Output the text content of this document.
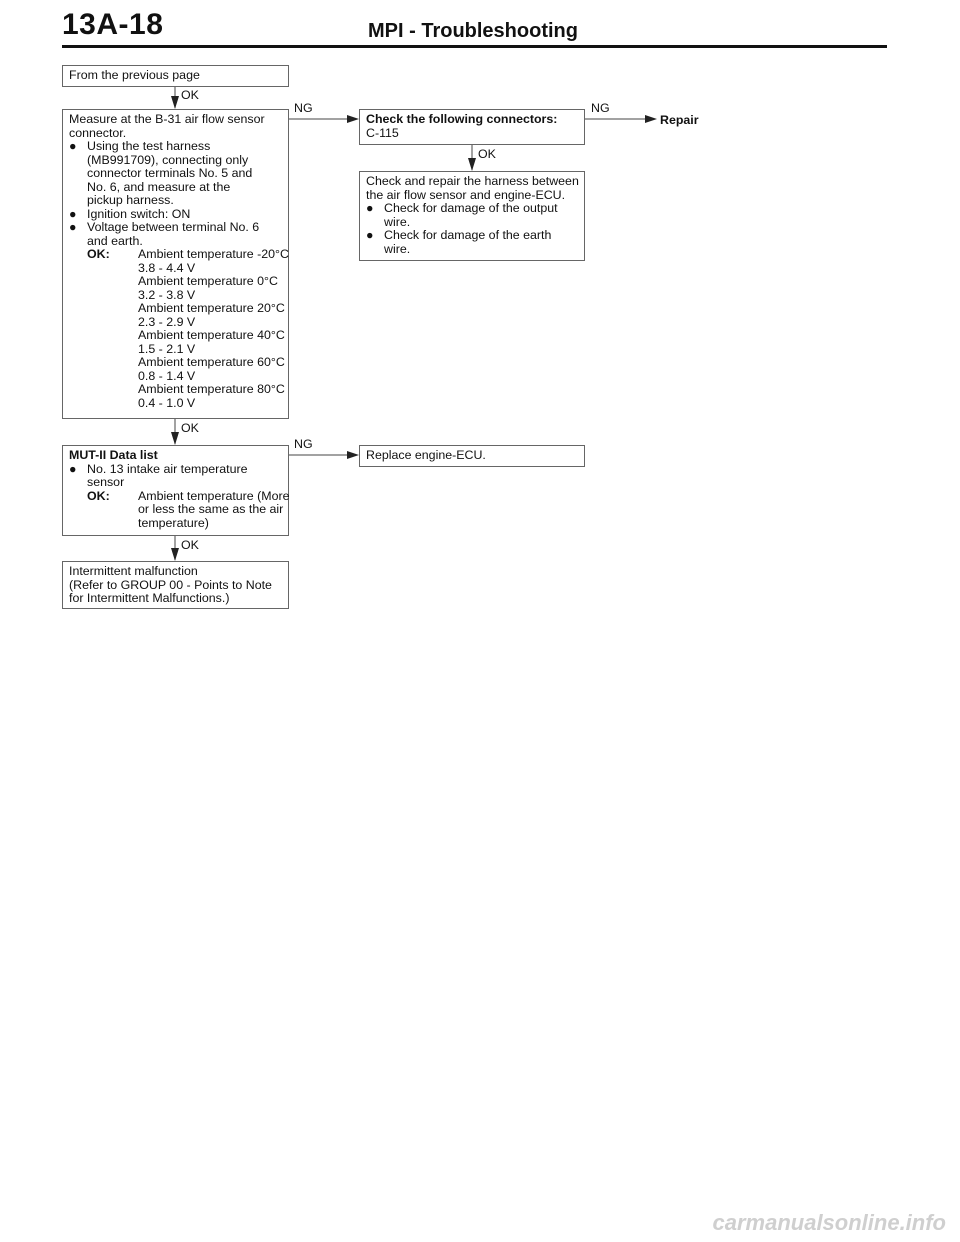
13A-18	MPI - Troubleshooting
From the previous page
OK
Measure at the B-31 air flow sensor
connector.
● Using the test harness
(MB991709), connecting only
connector terminals No. 5 and
No. 6, and measure at the
pickup harness.
● Ignition switch: ON
● Voltage between terminal No. 6
and earth.
OK:	Ambient temperature -20°C
3.8 - 4.4 V
Ambient temperature 0°C
3.2 - 3.8 V
Ambient temperature 20°C
2.3 - 2.9 V
Ambient temperature 40°C
1.5 - 2.1 V
Ambient temperature 60°C
0.8 - 1.4 V
Ambient temperature 80°C
0.4 - 1.0 V
NG
Check the following connectors:
C-115
NG
Repair
OK
Check and repair the harness between
the air flow sensor and engine-ECU.
● Check for damage of the output
wire.
● Check for damage of the earth
wire.
OK
MUT-II Data list
● No. 13 intake air temperature
sensor
OK:	Ambient temperature (More
or less the same as the air
temperature)
NG
Replace engine-ECU.
OK
Intermittent malfunction
(Refer to GROUP 00 - Points to Note
for Intermittent Malfunctions.)
carmanualsonline.info
